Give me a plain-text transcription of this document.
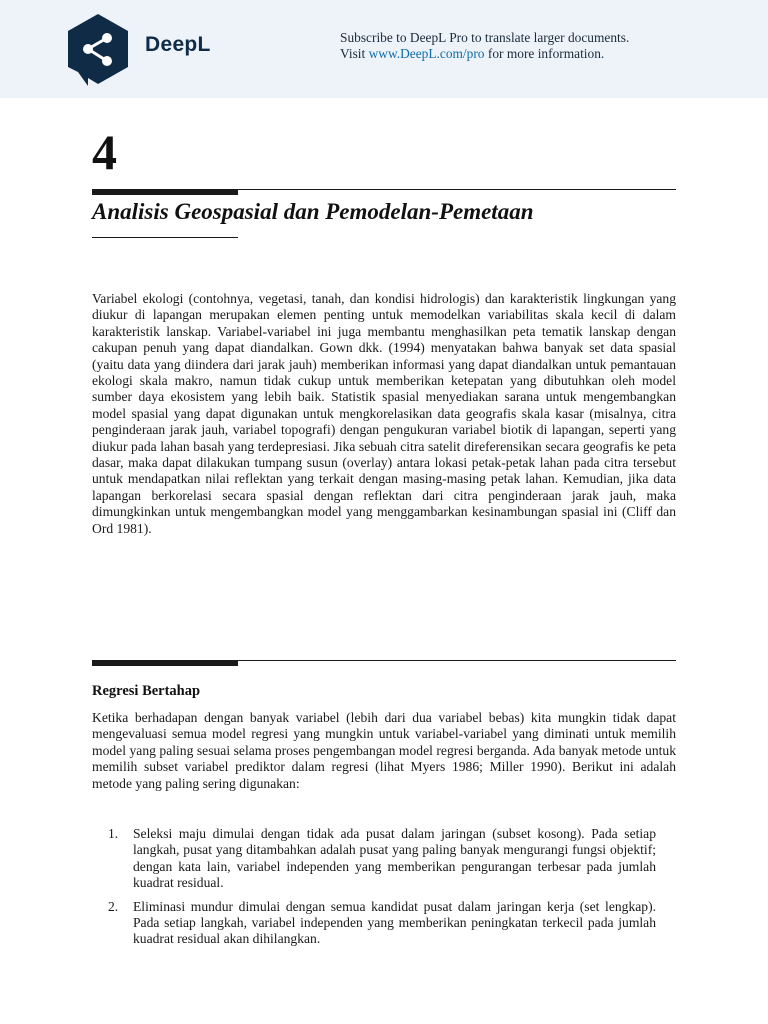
DeepL	Subscribe to DeepL Pro to translate larger documents.
Visit www.DeepL.com/pro for more information.
4
Analisis Geospasial dan Pemodelan-Pemetaan

Variabel ekologi (contohnya, vegetasi, tanah, dan kondisi hidrologis) dan karakteristik lingkungan yang diukur di lapangan merupakan elemen penting untuk memodelkan variabilitas skala kecil di dalam karakteristik lanskap. Variabel-variabel ini juga membantu menghasilkan peta tematik lanskap dengan cakupan penuh yang dapat diandalkan. Gown dkk. (1994) menyatakan bahwa banyak set data spasial (yaitu data yang diindera dari jarak jauh) memberikan informasi yang dapat diandalkan untuk pemantauan ekologi skala makro, namun tidak cukup untuk memberikan ketepatan yang dibutuhkan oleh model sumber daya ekosistem yang lebih baik. Statistik spasial menyediakan sarana untuk mengembangkan model spasial yang dapat digunakan untuk mengkorelasikan data geografis skala kasar (misalnya, citra penginderaan jarak jauh, variabel topografi) dengan pengukuran variabel biotik di lapangan, seperti yang diukur pada lahan basah yang terdepresiasi. Jika sebuah citra satelit direferensikan secara geografis ke peta dasar, maka dapat dilakukan tumpang susun (overlay) antara lokasi petak-petak lahan pada citra tersebut untuk mendapatkan nilai reflektan yang terkait dengan masing-masing petak lahan. Kemudian, jika data lapangan berkorelasi secara spasial dengan reflektan dari citra penginderaan jarak jauh, maka dimungkinkan untuk mengembangkan model yang menggambarkan kesinambungan spasial ini (Cliff dan Ord 1981).

Regresi Bertahap

Ketika berhadapan dengan banyak variabel (lebih dari dua variabel bebas) kita mungkin tidak dapat mengevaluasi semua model regresi yang mungkin untuk variabel-variabel yang diminati untuk memilih model yang paling sesuai selama proses pengembangan model regresi berganda. Ada banyak metode untuk memilih subset variabel prediktor dalam regresi (lihat Myers 1986; Miller 1990). Berikut ini adalah metode yang paling sering digunakan:

1. Seleksi maju dimulai dengan tidak ada pusat dalam jaringan (subset kosong). Pada setiap langkah, pusat yang ditambahkan adalah pusat yang paling banyak mengurangi fungsi objektif; dengan kata lain, variabel independen yang memberikan pengurangan terbesar pada jumlah kuadrat residual.
2. Eliminasi mundur dimulai dengan semua kandidat pusat dalam jaringan kerja (set lengkap). Pada setiap langkah, variabel independen yang memberikan peningkatan terkecil pada jumlah kuadrat residual akan dihilangkan.
